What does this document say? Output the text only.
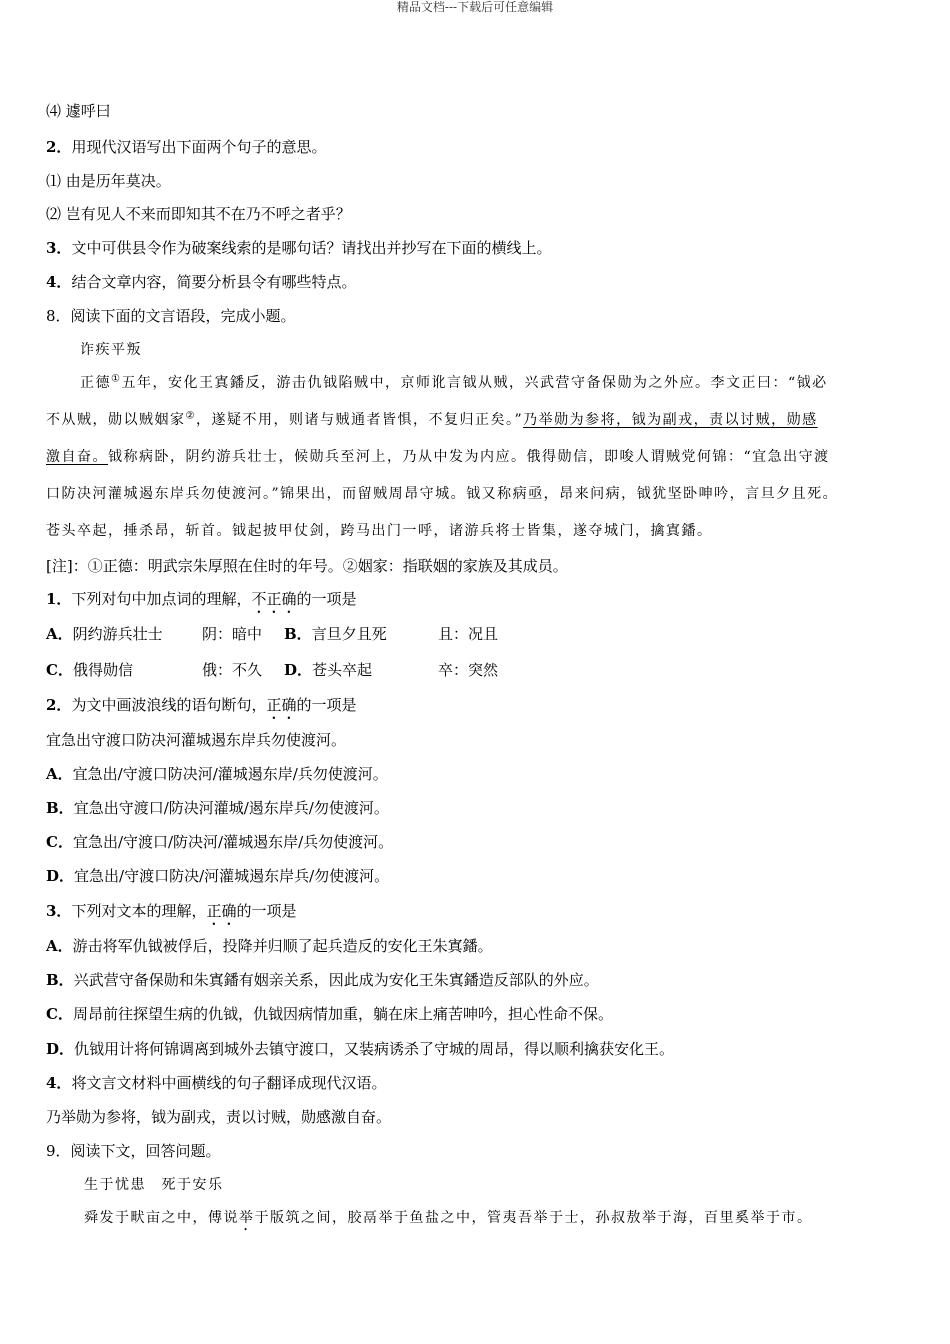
精品文档---下载后可任意编辑
⑷ 遽呼曰
2．用现代汉语写出下面两个句子的意思。
⑴ 由是历年莫决。
⑵ 岂有见人不来而即知其不在乃不呼之者乎？
3．文中可供县令作为破案线索的是哪句话？请找出并抄写在下面的横线上。
4．结合文章内容，简要分析县令有哪些特点。
8．阅读下面的文言语段，完成小题。
诈疾平叛
正德①五年，安化王寘鐇反，游击仇钺陷贼中，京师讹言钺从贼，兴武营守备保勋为之外应。李文正曰：“钺必
不从贼，勋以贼姻家②，遂疑不用，则诸与贼通者皆惧，不复归正矣。”乃举勋为参将，钺为副戎，责以讨贼，勋感
激自奋。钺称病卧，阴约游兵壮士，候勋兵至河上，乃从中发为内应。俄得勋信，即唆人谓贼党何锦：“宜急出守渡
口防决河灌城遏东岸兵勿使渡河。”锦果出，而留贼周昂守城。钺又称病亟，昂来问病，钺犹坚卧呻吟，言旦夕且死。
苍头卒起，捶杀昂，斩首。钺起披甲仗剑，跨马出门一呼，诸游兵将士皆集，遂夺城门，擒寘鐇。
[注]：①正德：明武宗朱厚照在住时的年号。②姻家：指联姻的家族及其成员。
1．下列对句中加点词的理解，不正确的一项是
A．阴约游兵壮士	阴：暗中 B．言旦夕且死	且：况且
C．俄得勋信	俄：不久 D．苍头卒起	卒：突然
2．为文中画波浪线的语句断句，正确的一项是
宜急出守渡口防决河灌城遏东岸兵勿使渡河。
A．宜急出/守渡口防决河/灌城遏东岸/兵勿使渡河。
B．宜急出守渡口/防决河灌城/遏东岸兵/勿使渡河。
C．宜急出/守渡口/防决河/灌城遏东岸/兵勿使渡河。
D．宜急出/守渡口防决/河灌城遏东岸兵/勿使渡河。
3．下列对文本的理解，正确的一项是
A．游击将军仇钺被俘后，投降并归顺了起兵造反的安化王朱寘鐇。
B．兴武营守备保勋和朱寘鐇有姻亲关系，因此成为安化王朱寘鐇造反部队的外应。
C．周昂前往探望生病的仇钺，仇钺因病情加重，躺在床上痛苦呻吟，担心性命不保。
D．仇钺用计将何锦调离到城外去镇守渡口，又装病诱杀了守城的周昂，得以顺利擒获安化王。
4．将文言文材料中画横线的句子翻译成现代汉语。
乃举勋为参将，钺为副戎，责以讨贼，勋感激自奋。
9．阅读下文，回答问题。
生于忧患　死于安乐
舜发于畎亩之中，傅说举于版筑之间，胶鬲举于鱼盐之中，管夷吾举于士，孙叔敖举于海，百里奚举于市。
